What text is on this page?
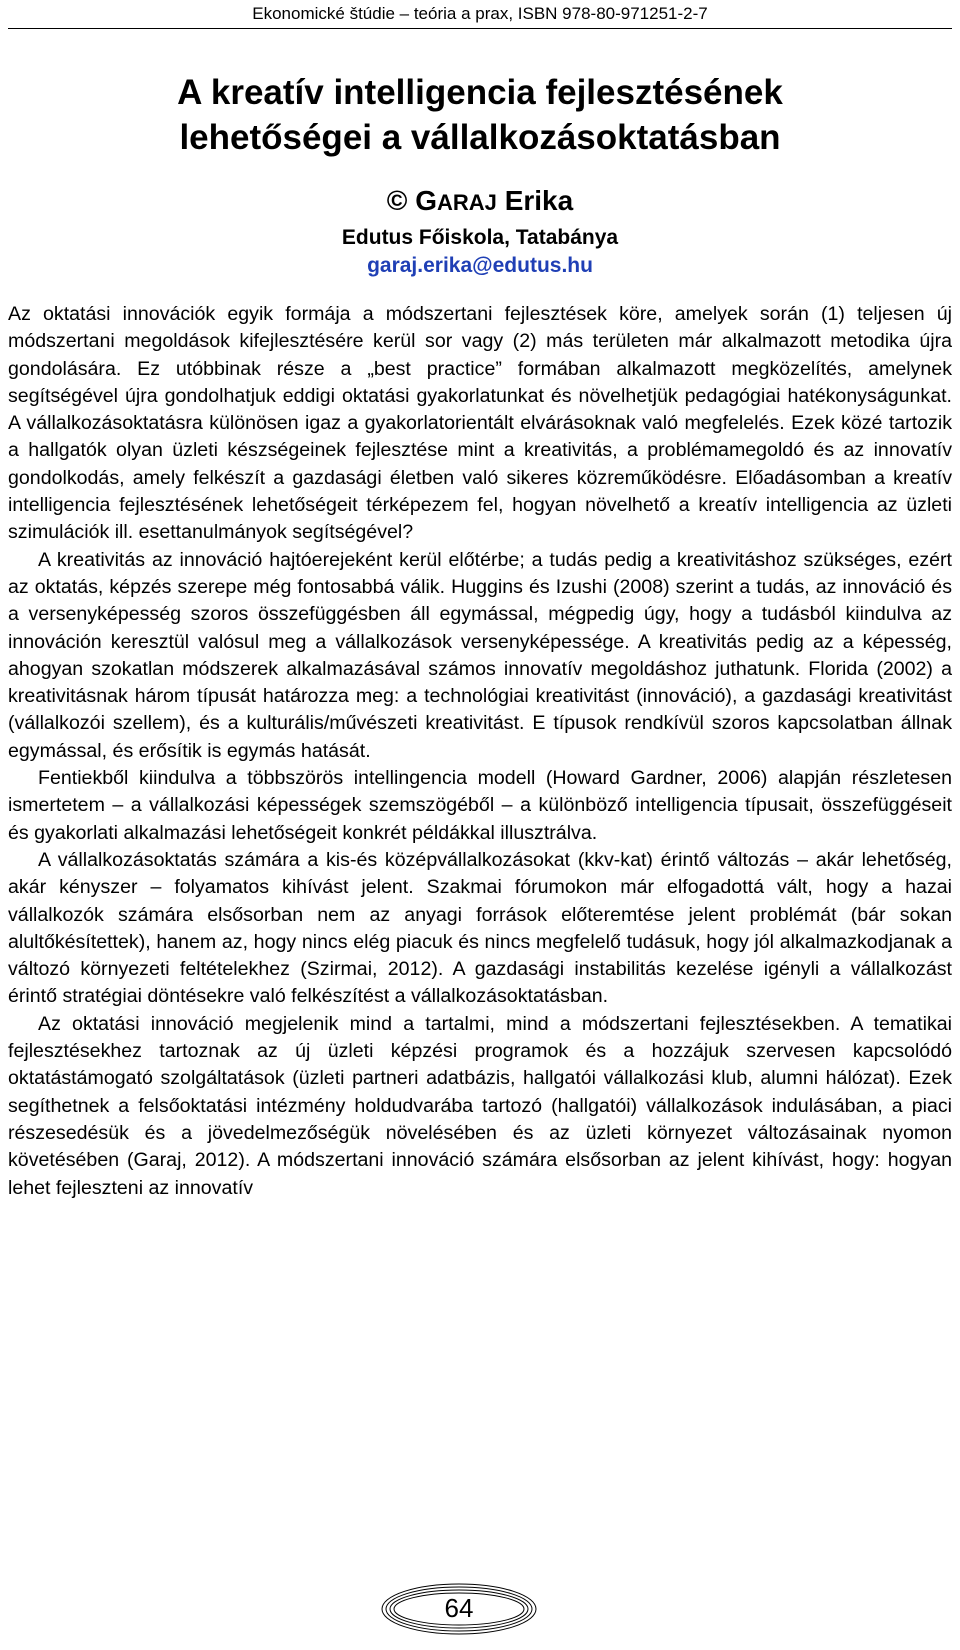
Ekonomické štúdie – teória a prax, ISBN 978-80-971251-2-7
A kreatív intelligencia fejlesztésének
lehetőségei a vállalkozásoktatásban
© GARAJ Erika
Edutus Főiskola, Tatabánya
garaj.erika@edutus.hu

Az oktatási innovációk egyik formája a módszertani fejlesztések köre, amelyek során (1) teljesen új módszertani megoldások kifejlesztésére kerül sor vagy (2) más területen már alkalmazott metodika újra gondolására. Ez utóbbinak része a „best practice” formában alkalmazott megközelítés, amelynek segítségével újra gondolhatjuk eddigi oktatási gyakorlatunkat és növelhetjük pedagógiai hatékonyságunkat. A vállalkozásoktatásra különösen igaz a gyakorlatorientált elvárásoknak való megfelelés. Ezek közé tartozik a hallgatók olyan üzleti készségeinek fejlesztése mint a kreativitás, a problémamegoldó és az innovatív gondolkodás, amely felkészít a gazdasági életben való sikeres közreműködésre. Előadásomban a kreatív intelligencia fejlesztésének lehetőségeit térképezem fel, hogyan növelhető a kreatív intelligencia az üzleti szimulációk ill. esettanulmányok segítségével?

A kreativitás az innováció hajtóerejeként kerül előtérbe; a tudás pedig a kreativitáshoz szükséges, ezért az oktatás, képzés szerepe még fontosabbá válik. Huggins és Izushi (2008) szerint a tudás, az innováció és a versenyképesség szoros összefüggésben áll egymással, mégpedig úgy, hogy a tudásból kiindulva az innováción keresztül valósul meg a vállalkozások versenyképessége. A kreativitás pedig az a képesség, ahogyan szokatlan módszerek alkalmazásával számos innovatív megoldáshoz juthatunk. Florida (2002) a kreativitásnak három típusát határozza meg: a technológiai kreativitást (innováció), a gazdasági kreativitást (vállalkozói szellem), és a kulturális/művészeti kreativitást. E típusok rendkívül szoros kapcsolatban állnak egymással, és erősítik is egymás hatását.

Fentiekből kiindulva a többszörös intellingencia modell (Howard Gardner, 2006) alapján részletesen ismertetem – a vállalkozási képességek szemszögéből – a különböző intelligencia típusait, összefüggéseit és gyakorlati alkalmazási lehetőségeit konkrét példákkal illusztrálva.

A vállalkozásoktatás számára a kis-és középvállalkozásokat (kkv-kat) érintő változás – akár lehetőség, akár kényszer – folyamatos kihívást jelent. Szakmai fórumokon már elfogadottá vált, hogy a hazai vállalkozók számára elsősorban nem az anyagi források előteremtése jelent problémát (bár sokan alultőkésítettek), hanem az, hogy nincs elég piacuk és nincs megfelelő tudásuk, hogy jól alkalmazkodjanak a változó környezeti feltételekhez (Szirmai, 2012). A gazdasági instabilitás kezelése igényli a vállalkozást érintő stratégiai döntésekre való felkészítést a vállalkozásoktatásban.

Az oktatási innováció megjelenik mind a tartalmi, mind a módszertani fejlesztésekben. A tematikai fejlesztésekhez tartoznak az új üzleti képzési programok és a hozzájuk szervesen kapcsolódó oktatástámogató szolgáltatások (üzleti partneri adatbázis, hallgatói vállalkozási klub, alumni hálózat). Ezek segíthetnek a felsőoktatási intézmény holdudvarába tartozó (hallgatói) vállalkozások indulásában, a piaci részesedésük és a jövedelmezőségük növelésében és az üzleti környezet változásainak nyomon követésében (Garaj, 2012). A módszertani innováció számára elsősorban az jelent kihívást, hogy: hogyan lehet fejleszteni az innovatív

64
